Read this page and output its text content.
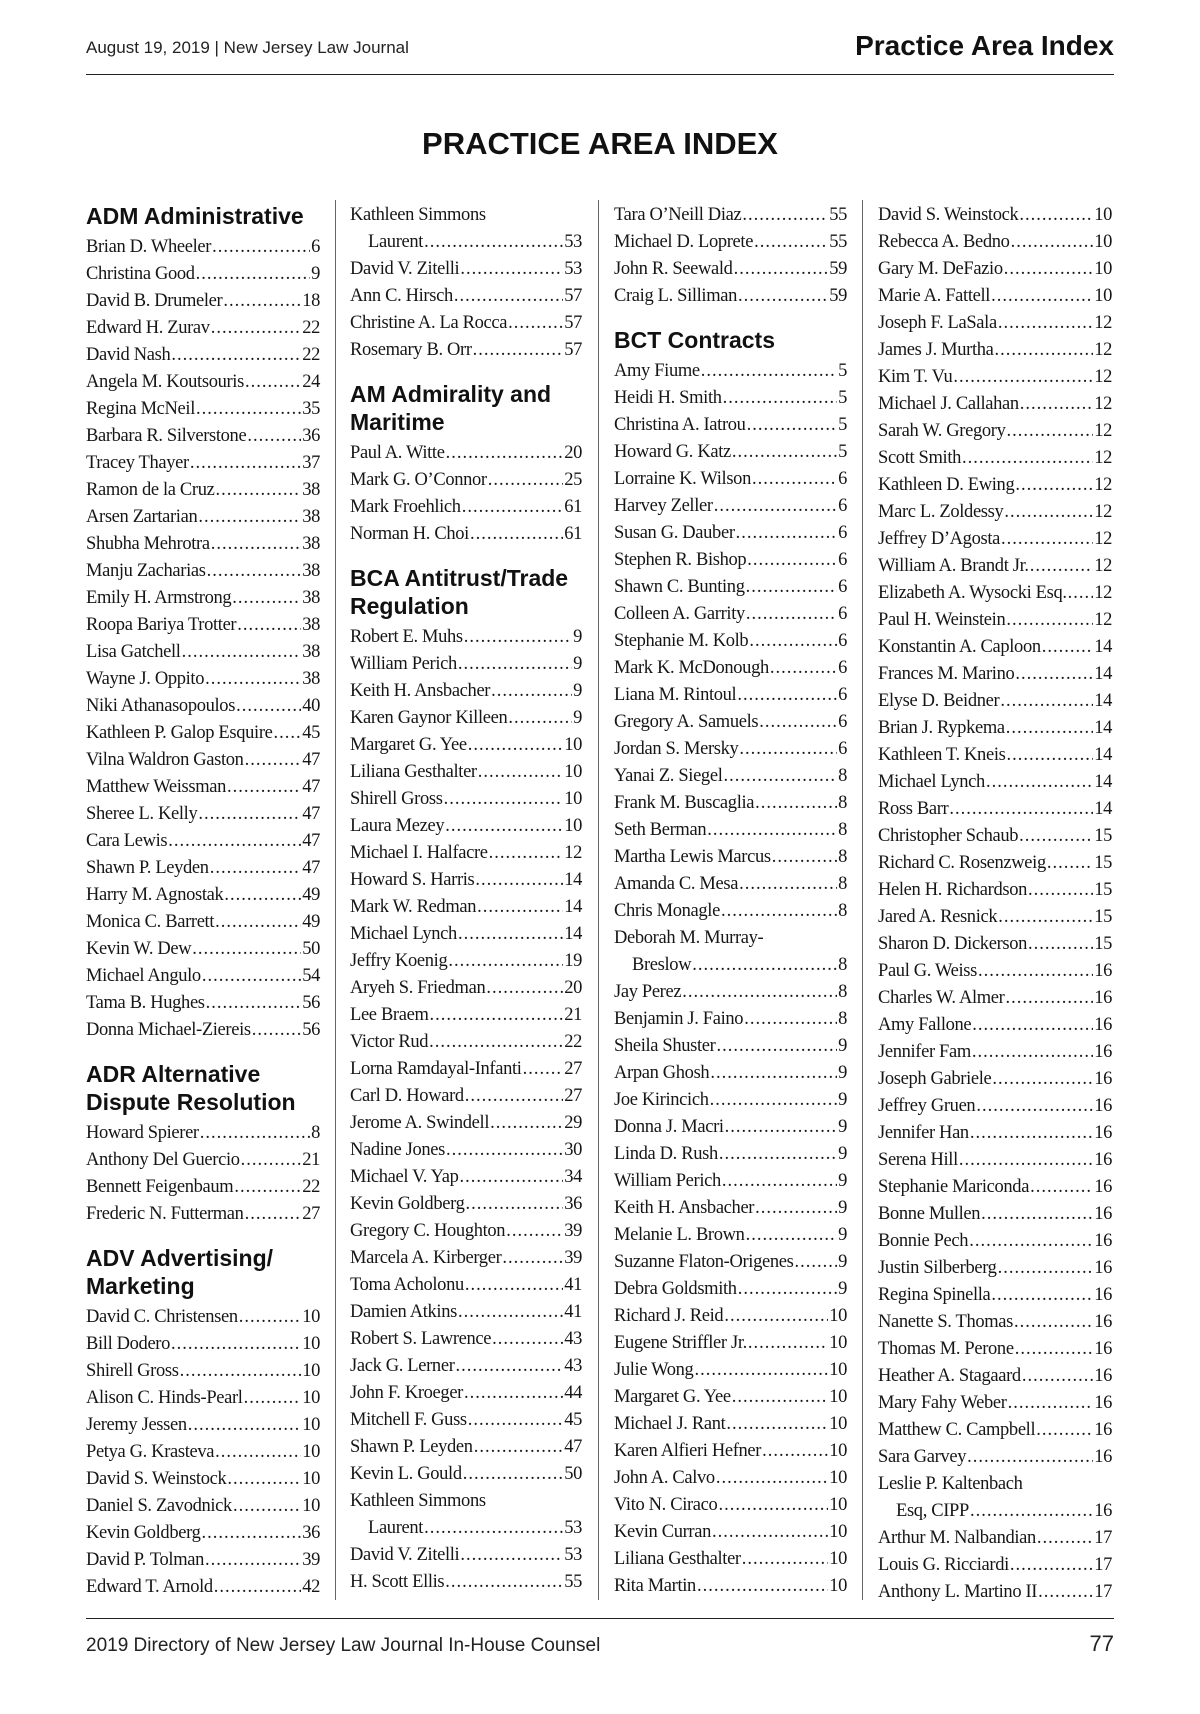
August 19, 2019 | New Jersey Law Journal	Practice Area Index
PRACTICE AREA INDEX
ADM Administrative
Brian D. Wheeler .....	6
Christina Good .....	9
David B. Drumeler .....	18
Edward H. Zurav .....	22
David Nash .....	22
Angela M. Koutsouris .....	24
Regina McNeil .....	35
Barbara R. Silverstone .....	36
Tracey Thayer .....	37
Ramon de la Cruz .....	38
Arsen Zartarian .....	38
Shubha Mehrotra .....	38
Manju Zacharias .....	38
Emily H. Armstrong .....	38
Roopa Bariya Trotter .....	38
Lisa Gatchell .....	38
Wayne J. Oppito .....	38
Niki Athanasopoulos .....	40
Kathleen P. Galop Esquire ..... 45
Vilna Waldron Gaston .....	47
Matthew Weissman .....	47
Sheree L. Kelly .....	47
Cara Lewis .....	47
Shawn P. Leyden .....	47
Harry M. Agnostak .....	49
Monica C. Barrett .....	49
Kevin W. Dew .....	50
Michael Angulo .....	54
Tama B. Hughes .....	56
Donna Michael-Ziereis .....	56
ADR Alternative Dispute Resolution
Howard Spierer .....	8
Anthony Del Guercio .....	21
Bennett Feigenbaum .....	22
Frederic N. Futterman .....	27
ADV Advertising/ Marketing
David C. Christensen .....	10
Bill Dodero .....	10
Shirell Gross .....	10
Alison C. Hinds-Pearl .....	10
Jeremy Jessen .....	10
Petya G. Krasteva .....	10
David S. Weinstock .....	10
Daniel S. Zavodnick .....	10
Kevin Goldberg .....	36
David P. Tolman .....	39
Edward T. Arnold .....	42
Kathleen Simmons
Laurent .....	53
David V. Zitelli .....	53
Ann C. Hirsch .....	57
Christine A. La Rocca .....	57
Rosemary B. Orr .....	57
AM Admirality and Maritime
Paul A. Witte .....	20
Mark G. O’Connor .....	25
Mark Froehlich .....	61
Norman H. Choi .....	61
BCA Antitrust/Trade Regulation
Robert E. Muhs .....	9
William Perich .....	9
Keith H. Ansbacher .....	9
Karen Gaynor Killeen .....	9
Margaret G. Yee .....	10
Liliana Gesthalter .....	10
Shirell Gross .....	10
Laura Mezey .....	10
Michael I. Halfacre .....	12
Howard S. Harris .....	14
Mark W. Redman .....	14
Michael Lynch .....	14
Jeffry Koenig .....	19
Aryeh S. Friedman .....	20
Lee Braem .....	21
Victor Rud .....	22
Lorna Ramdayal-Infanti ..... 27
Carl D. Howard .....	27
Jerome A. Swindell .....	29
Nadine Jones .....	30
Michael V. Yap .....	34
Kevin Goldberg .....	36
Gregory C. Houghton .....	39
Marcela A. Kirberger .....	39
Toma Acholonu .....	41
Damien Atkins .....	41
Robert S. Lawrence .....	43
Jack G. Lerner .....	43
John F. Kroeger .....	44
Mitchell F. Guss .....	45
Shawn P. Leyden .....	47
Kevin L. Gould .....	50
Kathleen Simmons
Laurent .....	53
David V. Zitelli .....	53
H. Scott Ellis .....	55
Tara O’Neill Diaz .....	55
Michael D. Loprete .....	55
John R. Seewald .....	59
Craig L. Silliman .....	59
BCT Contracts
Amy Fiume .....	5
Heidi H. Smith .....	5
Christina A. Iatrou .....	5
Howard G. Katz .....	5
Lorraine K. Wilson .....	6
Harvey Zeller .....	6
Susan G. Dauber .....	6
Stephen R. Bishop .....	6
Shawn C. Bunting .....	6
Colleen A. Garrity .....	6
Stephanie M. Kolb .....	6
Mark K. McDonough .....	6
Liana M. Rintoul .....	6
Gregory A. Samuels .....	6
Jordan S. Mersky .....	6
Yanai Z. Siegel .....	8
Frank M. Buscaglia .....	8
Seth Berman .....	8
Martha Lewis Marcus .....	8
Amanda C. Mesa .....	8
Chris Monagle .....	8
Deborah M. Murray-
Breslow .....	8
Jay Perez .....	8
Benjamin J. Faino .....	8
Sheila Shuster .....	9
Arpan Ghosh .....	9
Joe Kirincich .....	9
Donna J. Macri .....	9
Linda D. Rush .....	9
William Perich .....	9
Keith H. Ansbacher .....	9
Melanie L. Brown .....	9
Suzanne Flaton-Origenes ..... 9
Debra Goldsmith .....	9
Richard J. Reid .....	10
Eugene Striffler Jr. .....	10
Julie Wong .....	10
Margaret G. Yee .....	10
Michael J. Rant .....	10
Karen Alfieri Hefner .....	10
John A. Calvo .....	10
Vito N. Ciraco .....	10
Kevin Curran .....	10
Liliana Gesthalter .....	10
Rita Martin .....	10
David S. Weinstock .....	10
Rebecca A. Bedno .....	10
Gary M. DeFazio .....	10
Marie A. Fattell .....	10
Joseph F. LaSala .....	12
James J. Murtha .....	12
Kim T. Vu .....	12
Michael J. Callahan .....	12
Sarah W. Gregory .....	12
Scott Smith .....	12
Kathleen D. Ewing .....	12
Marc L. Zoldessy .....	12
Jeffrey D’Agosta .....	12
William A. Brandt Jr. .....	12
Elizabeth A. Wysocki Esq. ..... 12
Paul H. Weinstein .....	12
Konstantin A. Caploon .....	14
Frances M. Marino .....	14
Elyse D. Beidner .....	14
Brian J. Rypkema .....	14
Kathleen T. Kneis .....	14
Michael Lynch .....	14
Ross Barr .....	14
Christopher Schaub .....	15
Richard C. Rosenzweig .....	15
Helen H. Richardson .....	15
Jared A. Resnick .....	15
Sharon D. Dickerson .....	15
Paul G. Weiss .....	16
Charles W. Almer .....	16
Amy Fallone .....	16
Jennifer Fam .....	16
Joseph Gabriele .....	16
Jeffrey Gruen .....	16
Jennifer Han .....	16
Serena Hill .....	16
Stephanie Mariconda .....	16
Bonne Mullen .....	16
Bonnie Pech .....	16
Justin Silberberg .....	16
Regina Spinella .....	16
Nanette S. Thomas .....	16
Thomas M. Perone .....	16
Heather A. Stagaard .....	16
Mary Fahy Weber .....	16
Matthew C. Campbell .....	16
Sara Garvey .....	16
Leslie P. Kaltenbach
Esq, CIPP .....	16
Arthur M. Nalbandian .....	17
Louis G. Ricciardi .....	17
Anthony L. Martino II .....	17
2019 Directory of New Jersey Law Journal In-House Counsel	77
